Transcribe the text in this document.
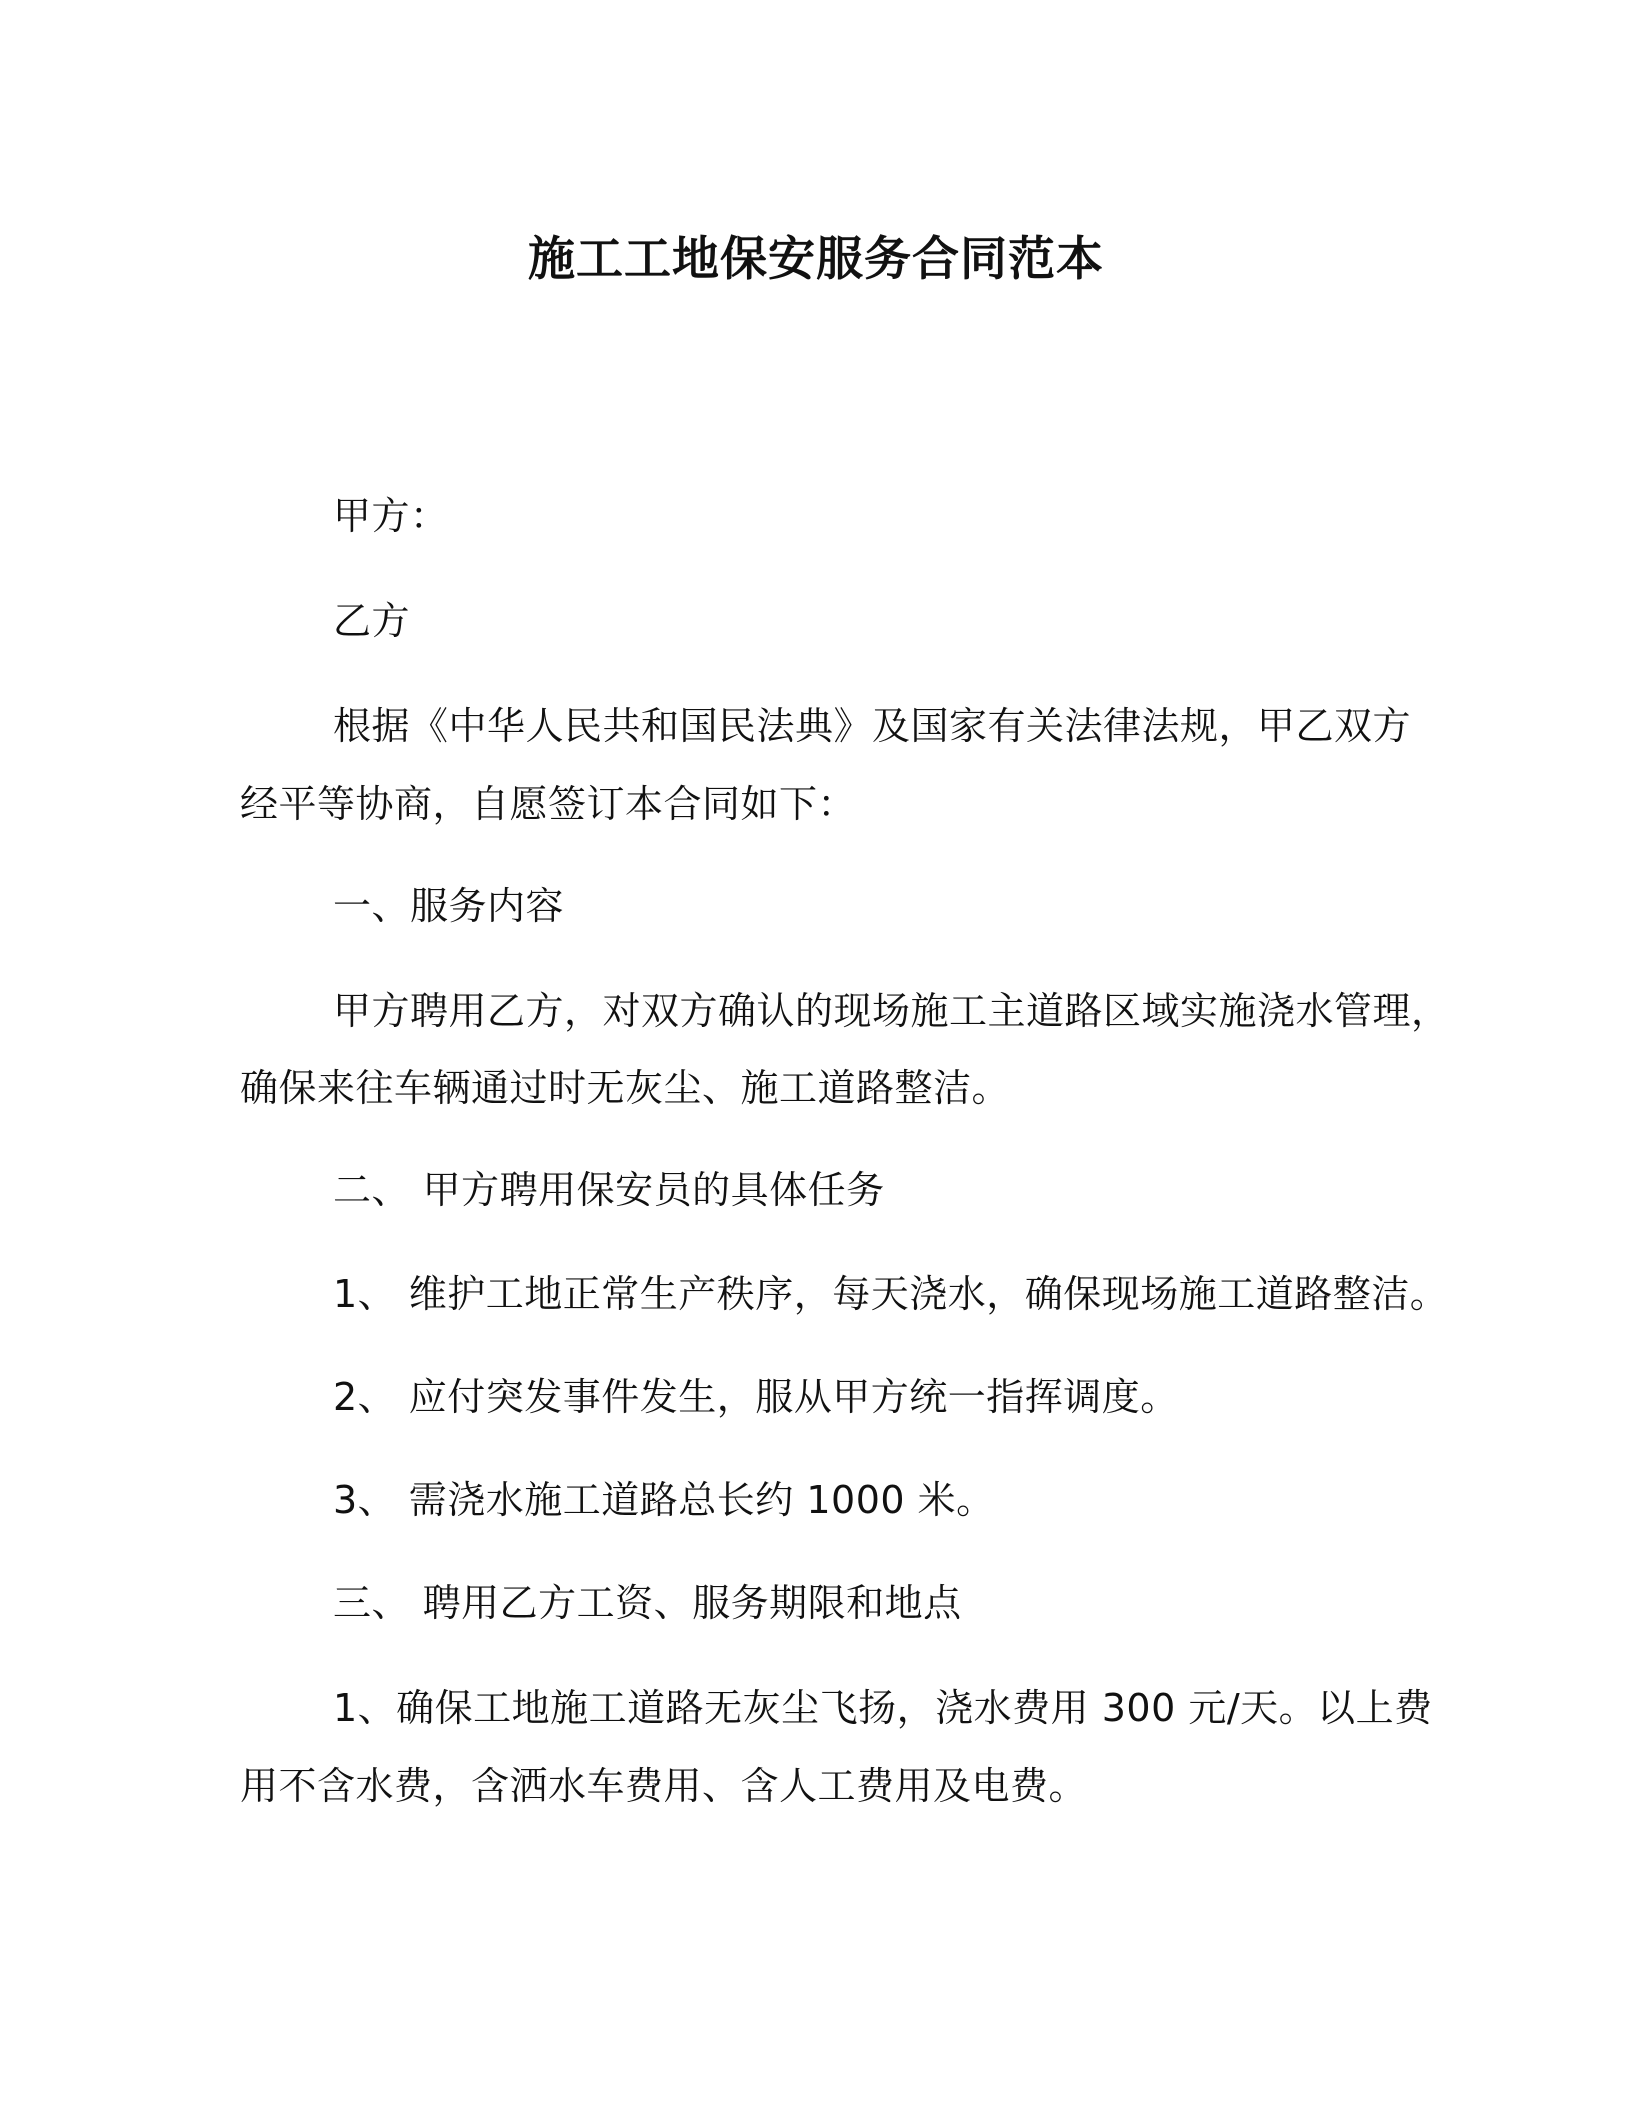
施工工地保安服务合同范本
甲方：
乙方
根据《中华人民共和国民法典》及国家有关法律法规，甲乙双方
经平等协商，自愿签订本合同如下：
一、服务内容
甲方聘用乙方，对双方确认的现场施工主道路区域实施浇水管理，
确保来往车辆通过时无灰尘、施工道路整洁。
二、 甲方聘用保安员的具体任务
1、 维护工地正常生产秩序，每天浇水，确保现场施工道路整洁。
2、 应付突发事件发生，服从甲方统一指挥调度。
3、 需浇水施工道路总长约 1000 米。
三、 聘用乙方工资、服务期限和地点
1、确保工地施工道路无灰尘飞扬，浇水费用 300 元/天。以上费
用不含水费，含洒水车费用、含人工费用及电费。
